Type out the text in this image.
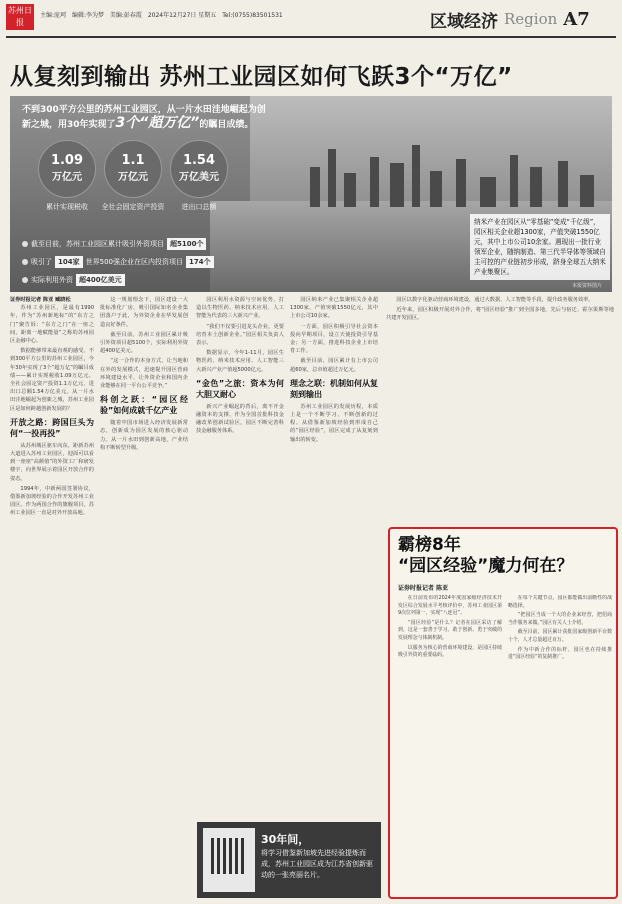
苏州日报
主编:庞珂 编辑:李为梦 美编:彭春霞 2024年12月27日 星期五 Tel:(0755)83501531	区域经济 Region A7
从复刻到输出 苏州工业园区如何飞跃3个“万亿”
不到300平方公里的苏州工业园区，从一片水田洼地崛起为创新之城，用30年实现了3个“超万亿”的瞩目成绩。
1.09
万亿元
累计实现税收
1.1
万亿元
全社会固定资产投资
1.54
万亿美元
进出口总额
截至目前，苏州工业园区累计吸引外资项目 超5100个
吸引了 104家 世界500强企业在区内投资项目 174个
实际利用外资 超400亿美元
纳米产业在园区从“零基础”变成“千亿级”，园区相关企业超1300家，产值突破1550亿元，其中上市公司10余家。遇现出一批行业领军企业，随纳制造、第三代半导体等领域自主可控的产业链初步形成，跻身全球五大纳米产业集聚区。
本报资料图片
证券时报记者 陈亚 臧晓松

苏州工业园区，是最有1990年，作为“苏州新地标”的“东方之门”聚告诉：“东方之门”在一座之间，距离一地赋能量”之称的苏州园区金融中心。

数据能够带来最直观的感受。不到300平方公里的苏州工业园区，今年30年实现了3个“超万亿”的瞩目成绩——累计实现税收1.09万亿元、全社会固定资产投资1.1万亿元、进出口总额1.54万亿美元。从一片水田洼地崛起为创新之城，苏州工业园区是如何跨越创新发展的？

开放之路：跨国巨头为何“一投再投”

从苏州城区驱车向东，距新苏州大道进入苏州工业园区，迎面可以看到一座座“高颜值”的外资工厂和研发楼宇，向世界展示着园区开放合作的姿态。

1994年，中新两国签署协议，借鉴新加坡经验的合作开发苏州工业园区。作为两国合作的旗舰项目，苏州工业园区一直是对外开放高地。

这一规划理念下，园区建设一大批标准化厂房，吸引国际知名企业集团落户于此，为外资企业在华发展创造良好条件。

截至目前，苏州工业园区累计吸引外资项目超5100个，实际利用外资超400亿美元。

“这一合作的本身方式，让当地和在外的发展模式，迅速提升园区营商环境建设水平，让外资企业和国内企业能够在同一平台公平竞争。”

科创之跃：“园区经验”如何成就千亿产业

随着中国市场进入经济发展新常态，创新成为园区发展的核心驱动力。从一片水田到创新高地，产业结构不断转型升级。

园区利用水资源与空间优势，打造以生物医药、纳米技术应用、人工智能为代表的三大新兴产业。

“我们不仅要引进龙头企业，更要培育本土创新企业。”园区相关负责人表示。

数据显示，今年1-11月，园区生物医药、纳米技术应用、人工智能三大新兴产业产值超5000亿元。

“金色”之旅：资本为何大胆又耐心

新兴产业崛起的背后，离不开金融资本的支撑。作为全国首批科技金融改革创新试验区，园区不断完善科技金融服务体系。

园区纳米产业已集聚相关企业超1300家，产值突破1550亿元，其中上市公司10余家。

一方面，园区积极引导社会资本投向早期项目，设立天使投资引导基金；另一方面，推进科技企业上市培育工作。

截至目前，园区累计有上市公司超60家，总市值超过万亿元。

理念之联：机制如何从复刻到输出

苏州工业园区的发展历程，本质上是一个不断学习、不断创新的过程。从借鉴新加坡经验到形成自己的“园区经验”，园区完成了从复刻到输出的转变。

园区以数字化驱动营商环境建设，通过大数据、人工智能等手段，提升政务服务效率。

近年来，园区积极开展对外合作，将“园区经验”推广到全国多地，先后与宿迁、霍尔果斯等地共建开发园区。

30年间，
将学习借鉴新加坡先进经验提炼而成，苏州工业园区成为江苏省创新驱动的一张亮丽名片。
霸榜8年
“园区经验”魔力何在？
证券时报记者 陈亚

在日前发布的2024年度国家级经济技术开发区综合发展水平考核评价中，苏州工业园区第9次位列第一，实现“八连冠”。

“园区经验”是什么？记者在园区采访了解到，这是一套善于学习、敢于创新、勇于突破的发展理念与体制机制。

以服务为核心的营商环境建设，是园区持续吸引外资的重要砝码。

在每个关键节点，园区都能做出前瞻性的战略选择。

“把园区当成一个大的企业来经营，把招商当作服务来做。”园区有关人士介绍。

截至目前，园区累计获批国家级创新平台数十个，人才总量超过百万。

作为中新合作的标杆，园区也在持续推进“园区经验”的复制推广。
